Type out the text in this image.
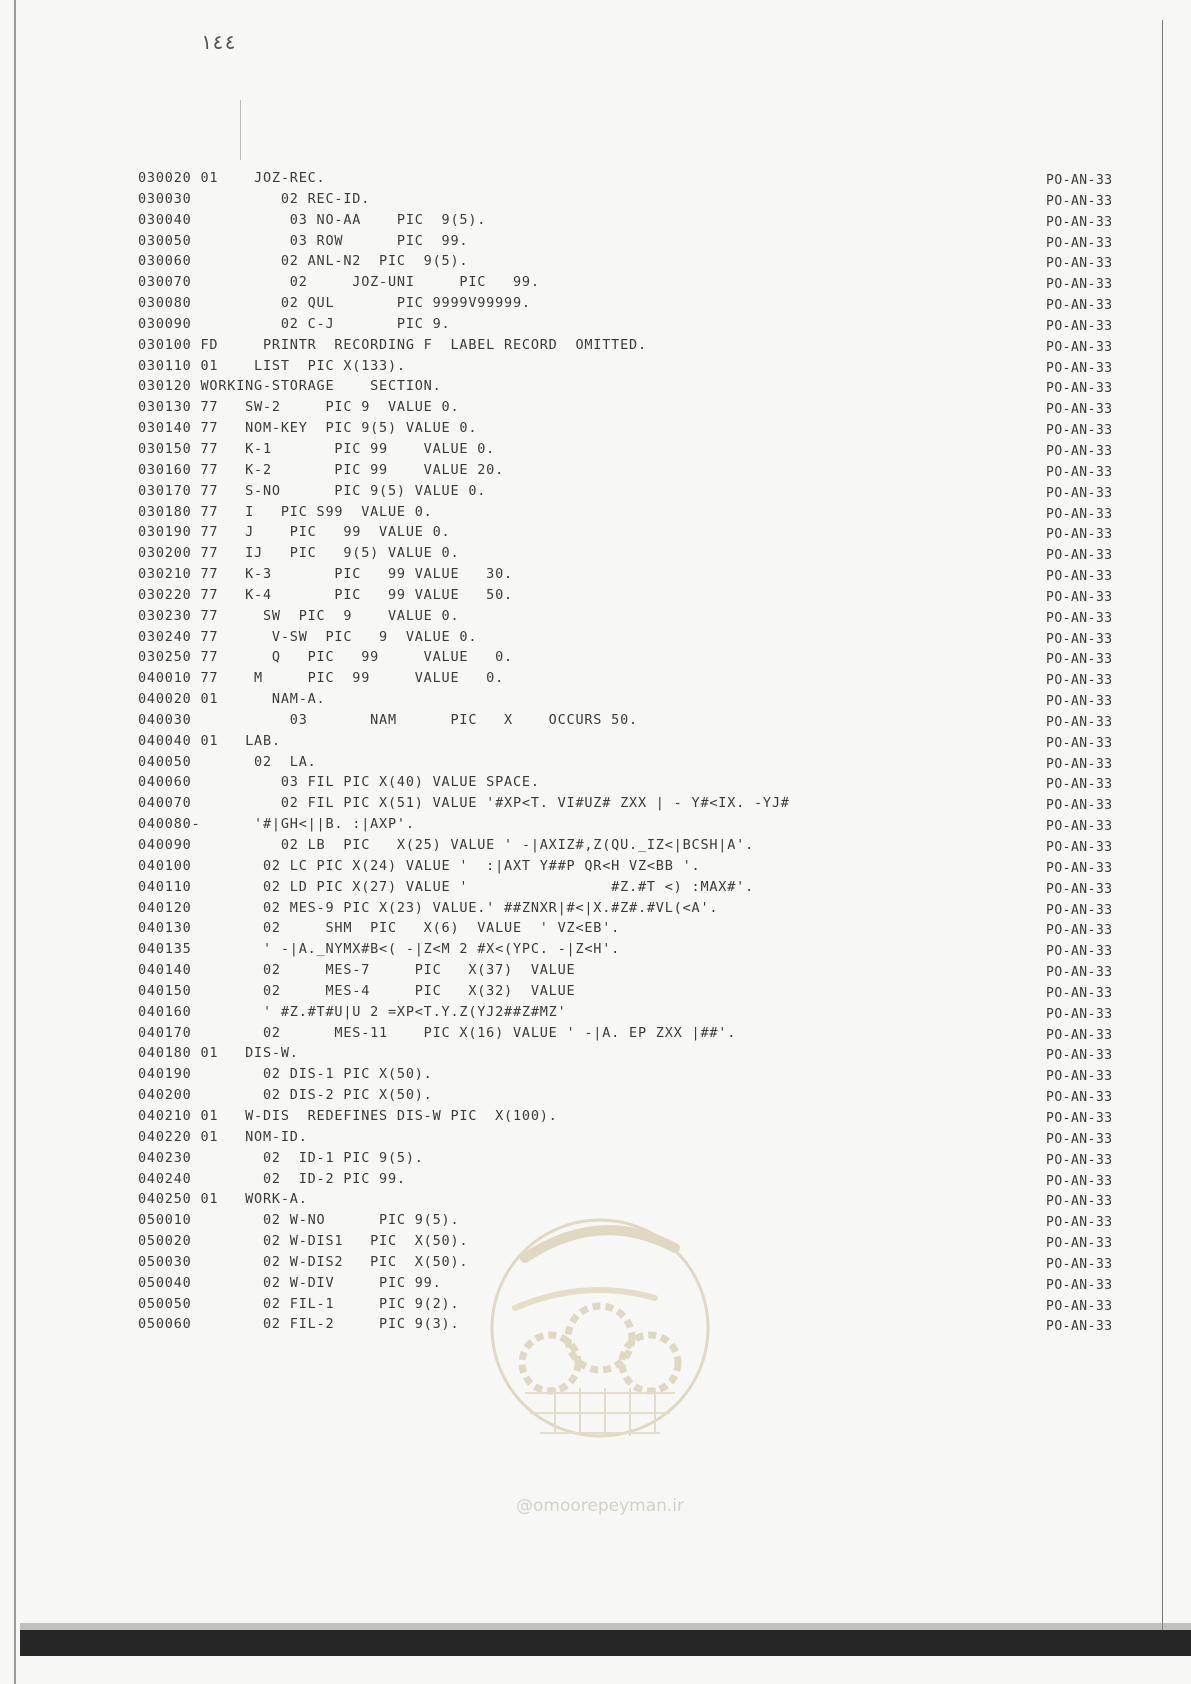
١٤٤
030020 01    JOZ-REC.	PO-AN-33
030030          02 REC-ID.	PO-AN-33
030040           03 NO-AA    PIC  9(5).	PO-AN-33
030050           03 ROW      PIC  99.	PO-AN-33
030060          02 ANL-N2  PIC  9(5).	PO-AN-33
030070           02     JOZ-UNI     PIC   99.	PO-AN-33
030080          02 QUL       PIC 9999V99999.	PO-AN-33
030090          02 C-J       PIC 9.	PO-AN-33
030100 FD     PRINTR  RECORDING F  LABEL RECORD  OMITTED.	PO-AN-33
030110 01    LIST  PIC X(133).	PO-AN-33
030120 WORKING-STORAGE    SECTION.	PO-AN-33
030130 77   SW-2     PIC 9  VALUE 0.	PO-AN-33
030140 77   NOM-KEY  PIC 9(5) VALUE 0.	PO-AN-33
030150 77   K-1       PIC 99    VALUE 0.	PO-AN-33
030160 77   K-2       PIC 99    VALUE 20.	PO-AN-33
030170 77   S-NO      PIC 9(5) VALUE 0.	PO-AN-33
030180 77   I   PIC S99  VALUE 0.	PO-AN-33
030190 77   J    PIC   99  VALUE 0.	PO-AN-33
030200 77   IJ   PIC   9(5) VALUE 0.	PO-AN-33
030210 77   K-3       PIC   99 VALUE   30.	PO-AN-33
030220 77   K-4       PIC   99 VALUE   50.	PO-AN-33
030230 77     SW  PIC  9    VALUE 0.	PO-AN-33
030240 77      V-SW  PIC   9  VALUE 0.	PO-AN-33
030250 77      Q   PIC   99     VALUE   0.	PO-AN-33
040010 77    M     PIC  99     VALUE   0.	PO-AN-33
040020 01      NAM-A.	PO-AN-33
040030           03       NAM      PIC   X    OCCURS 50.	PO-AN-33
040040 01   LAB.	PO-AN-33
040050       02  LA.	PO-AN-33
040060          03 FIL PIC X(40) VALUE SPACE.	PO-AN-33
040070          02 FIL PIC X(51) VALUE '#XP<T. VI#UZ# ZXX | - Y#<IX. -YJ#	PO-AN-33
040080-      '#|GH<||B. :|AXP'.	PO-AN-33
040090          02 LB  PIC   X(25) VALUE ' -|AXIZ#,Z(QU._IZ<|BCSH|A'.	PO-AN-33
040100        02 LC PIC X(24) VALUE '  :|AXT Y##P QR<H VZ<BB '.	PO-AN-33
040110        02 LD PIC X(27) VALUE '                #Z.#T <) :MAX#'.	PO-AN-33
040120        02 MES-9 PIC X(23) VALUE.' ##ZNXR|#<|X.#Z#.#VL(<A'.	PO-AN-33
040130        02     SHM  PIC   X(6)  VALUE  ' VZ<EB'.	PO-AN-33
040135        ' -|A._NYMX#B<( -|Z<M 2 #X<(YPC. -|Z<H'.	PO-AN-33
040140        02     MES-7     PIC   X(37)  VALUE	PO-AN-33
040150        02     MES-4     PIC   X(32)  VALUE	PO-AN-33
040160        ' #Z.#T#U|U 2 =XP<T.Y.Z(YJ2##Z#MZ'	PO-AN-33
040170        02      MES-11    PIC X(16) VALUE ' -|A. EP ZXX |##'.	PO-AN-33
040180 01   DIS-W.	PO-AN-33
040190        02 DIS-1 PIC X(50).	PO-AN-33
040200        02 DIS-2 PIC X(50).	PO-AN-33
040210 01   W-DIS  REDEFINES DIS-W PIC  X(100).	PO-AN-33
040220 01   NOM-ID.	PO-AN-33
040230        02  ID-1 PIC 9(5).	PO-AN-33
040240        02  ID-2 PIC 99.	PO-AN-33
040250 01   WORK-A.	PO-AN-33
050010        02 W-NO      PIC 9(5).	PO-AN-33
050020        02 W-DIS1   PIC  X(50).	PO-AN-33
050030        02 W-DIS2   PIC  X(50).	PO-AN-33
050040        02 W-DIV     PIC 99.	PO-AN-33
050050        02 FIL-1     PIC 9(2).	PO-AN-33
050060        02 FIL-2     PIC 9(3).	PO-AN-33
@omoorepeyman.ir
